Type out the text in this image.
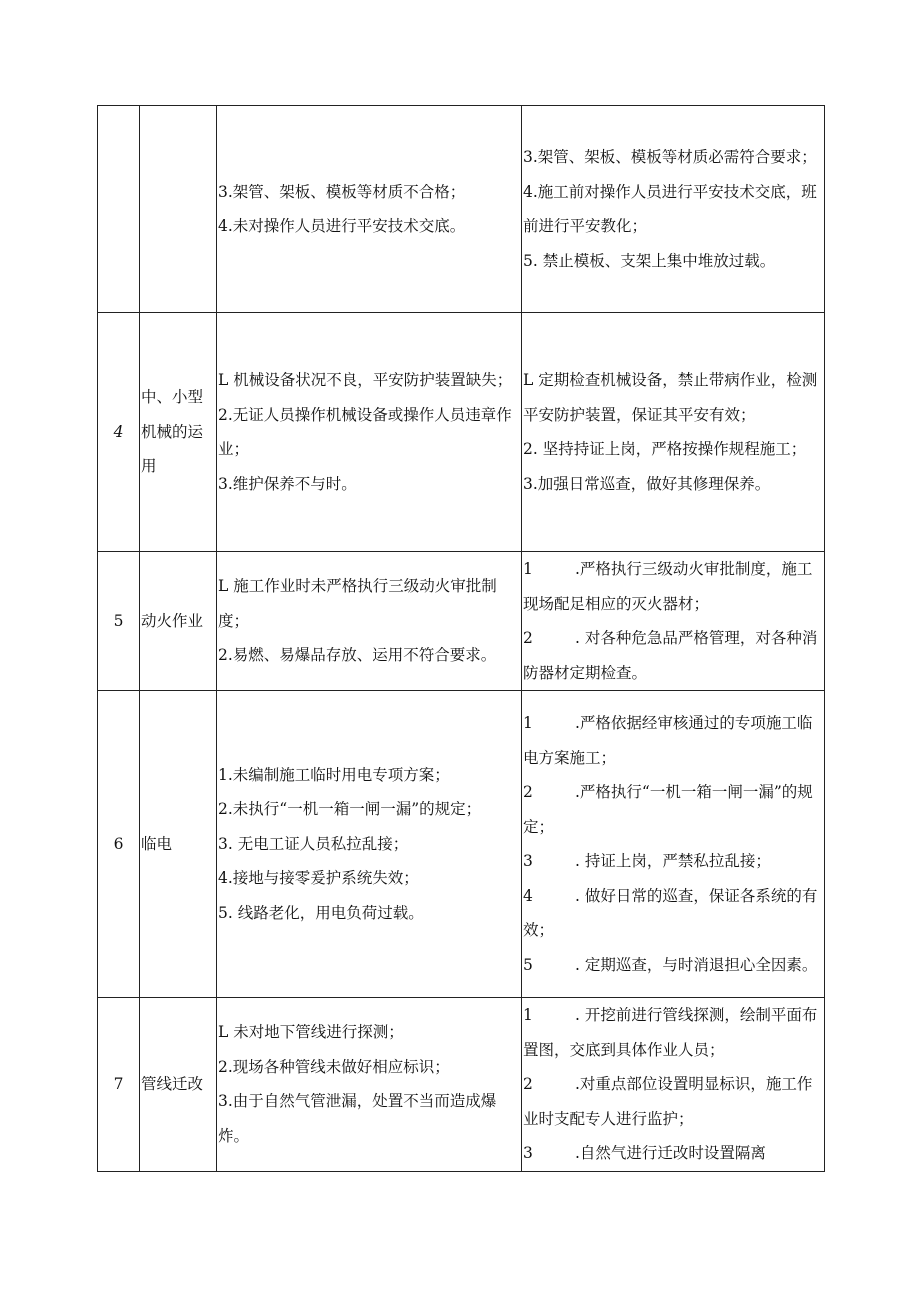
		3.架管、架板、模板等材质不合格；
4.未对操作人员进行平安技术交底。	3.架管、架板、模板等材质必需符合要求；
4.施工前对操作人员进行平安技术交底，班前进行平安教化；
5. 禁止模板、支架上集中堆放过载。

4	中、小型机械的运用	L 机械设备状况不良，平安防护装置缺失；
2.无证人员操作机械设备或操作人员违章作业；
3.维护保养不与时。	L 定期检查机械设备，禁止带病作业，检测平安防护装置，保证其平安有效；
2. 坚持持证上岗，严格按操作规程施工；
3.加强日常巡查，做好其修理保养。

5	动火作业	L 施工作业时未严格执行三级动火审批制度；
2.易燃、易爆品存放、运用不符合要求。	1 .严格执行三级动火审批制度，施工现场配足相应的灭火器材；
2 . 对各种危急品严格管理，对各种消防器材定期检查。

6	临电	1.未编制施工临时用电专项方案；
2.未执行“一机一箱一闸一漏”的规定；
3. 无电工证人员私拉乱接；
4.接地与接零爰护系统失效；
5. 线路老化，用电负荷过载。	1 .严格依据经审核通过的专项施工临电方案施工；
2 .严格执行“一机一箱一闸一漏”的规定；
3 . 持证上岗，严禁私拉乱接；
4 . 做好日常的巡查，保证各系统的有效；
5 . 定期巡查，与时消退担心全因素。

7	管线迁改	L 未对地下管线进行探测；
2.现场各种管线未做好相应标识；
3.由于自然气管泄漏，处置不当而造成爆炸。	1 . 开挖前进行管线探测，绘制平面布置图，交底到具体作业人员；
2 .对重点部位设置明显标识，施工作业时支配专人进行监护；
3 .自然气进行迁改时设置隔离
